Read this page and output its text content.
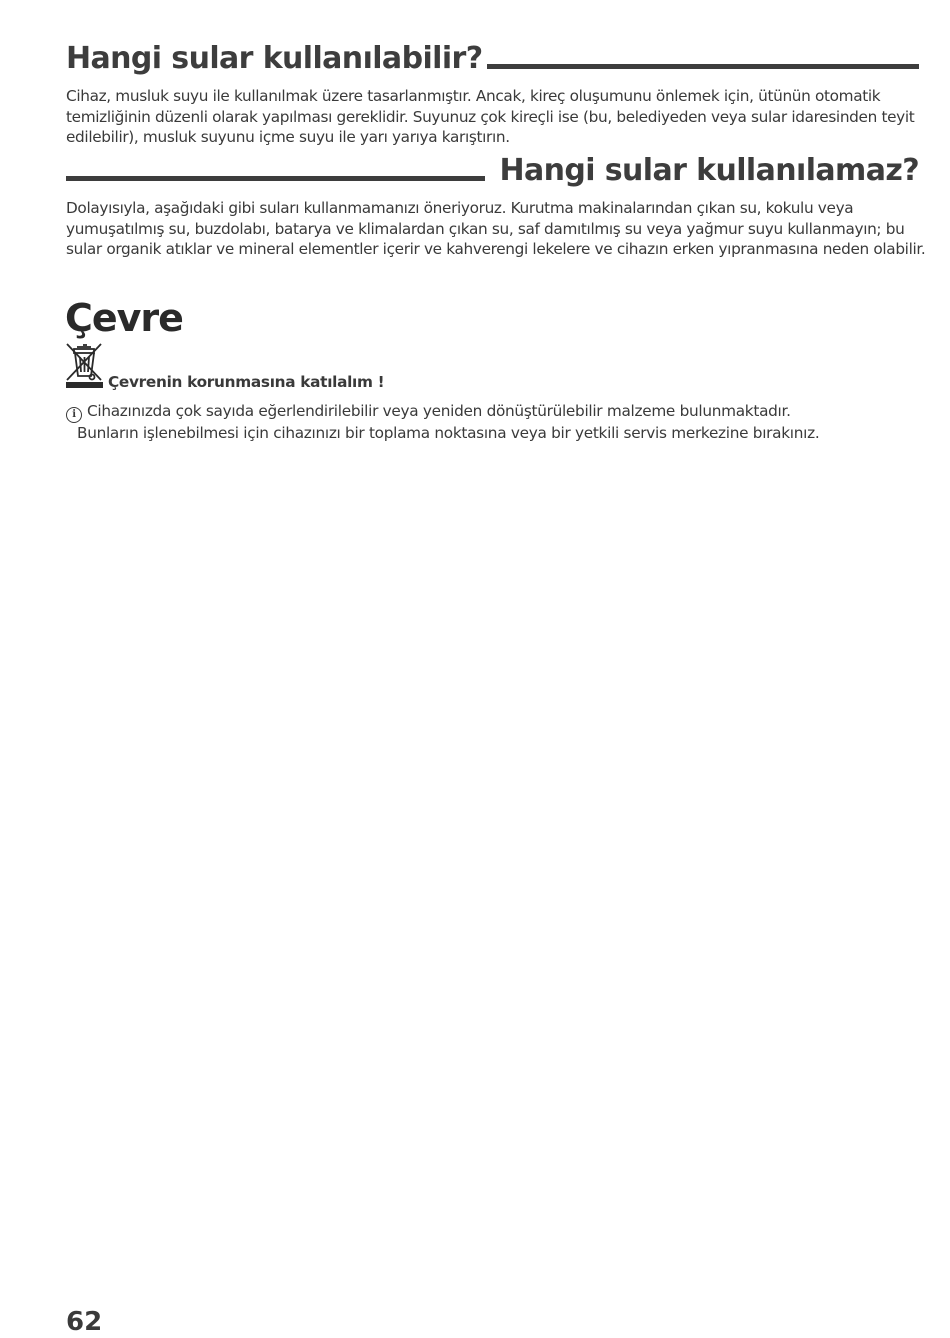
Hangi sular kullanılabilir?

Cihaz, musluk suyu ile kullanılmak üzere tasarlanmıştır. Ancak, kireç oluşumunu önlemek için, ütünün otomatik temizliğinin düzenli olarak yapılması gereklidir. Suyunuz çok kireçli ise (bu, belediyeden veya sular idaresinden teyit edilebilir), musluk suyunu içme suyu ile yarı yarıya karıştırın.

Hangi sular kullanılamaz?

Dolayısıyla, aşağıdaki gibi suları kullanmamanızı öneriyoruz. Kurutma makinalarından çıkan su, kokulu veya yumuşatılmış su, buzdolabı, batarya ve klimalardan çıkan su, saf damıtılmış su veya yağmur suyu kullanmayın; bu sular organik atıklar ve mineral elementler içerir ve kahverengi lekelere ve cihazın erken yıpranmasına neden olabilir.

Çevre
Çevrenin korunmasına katılalım !
i Cihazınızda çok sayıda eğerlendirilebilir veya yeniden dönüştürülebilir malzeme bulunmaktadır.
Bunların işlenebilmesi için cihazınızı bir toplama noktasına veya bir yetkili servis merkezine bırakınız.
62
